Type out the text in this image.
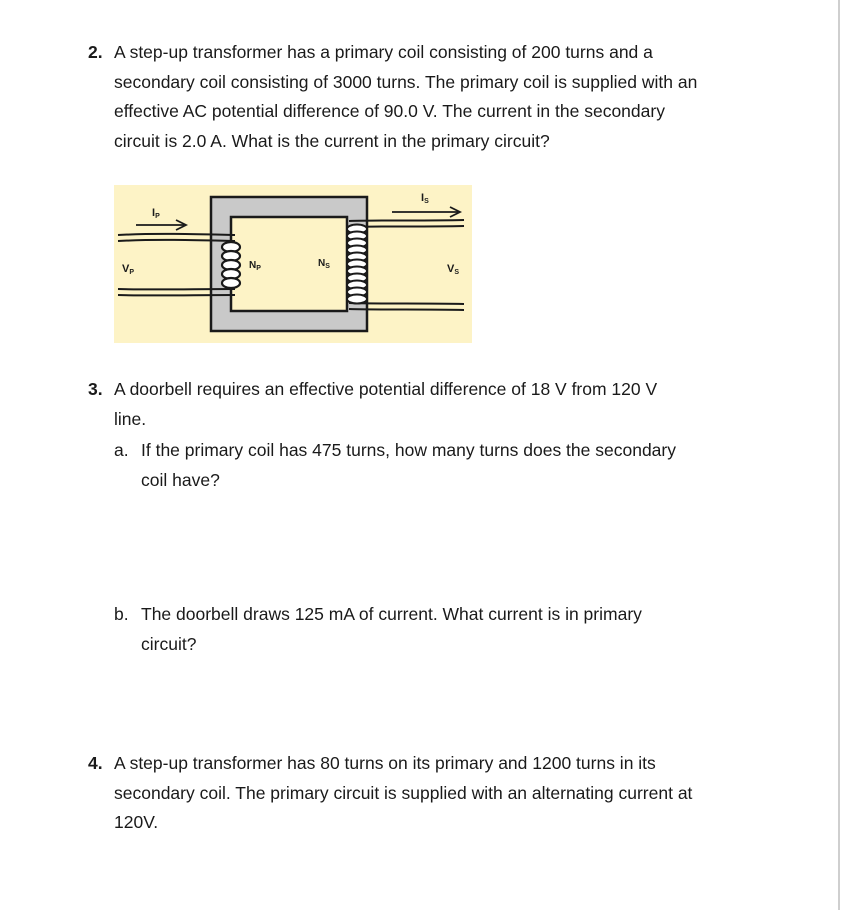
2. A step-up transformer has a primary coil consisting of 200 turns and a
secondary coil consisting of 3000 turns. The primary coil is supplied with an
effective AC potential difference of 90.0 V. The current in the secondary
circuit is 2.0 A. What is the current in the primary circuit?
IP
IS
VP	VS
$N_P$	$N_S$
3. A doorbell requires an effective potential difference of 18 V from 120 V
line.
a. If the primary coil has 475 turns, how many turns does the secondary
coil have?
b. The doorbell draws 125 mA of current. What current is in primary
circuit?
4. A step-up transformer has 80 turns on its primary and 1200 turns in its
secondary coil. The primary circuit is supplied with an alternating current at
120V.
